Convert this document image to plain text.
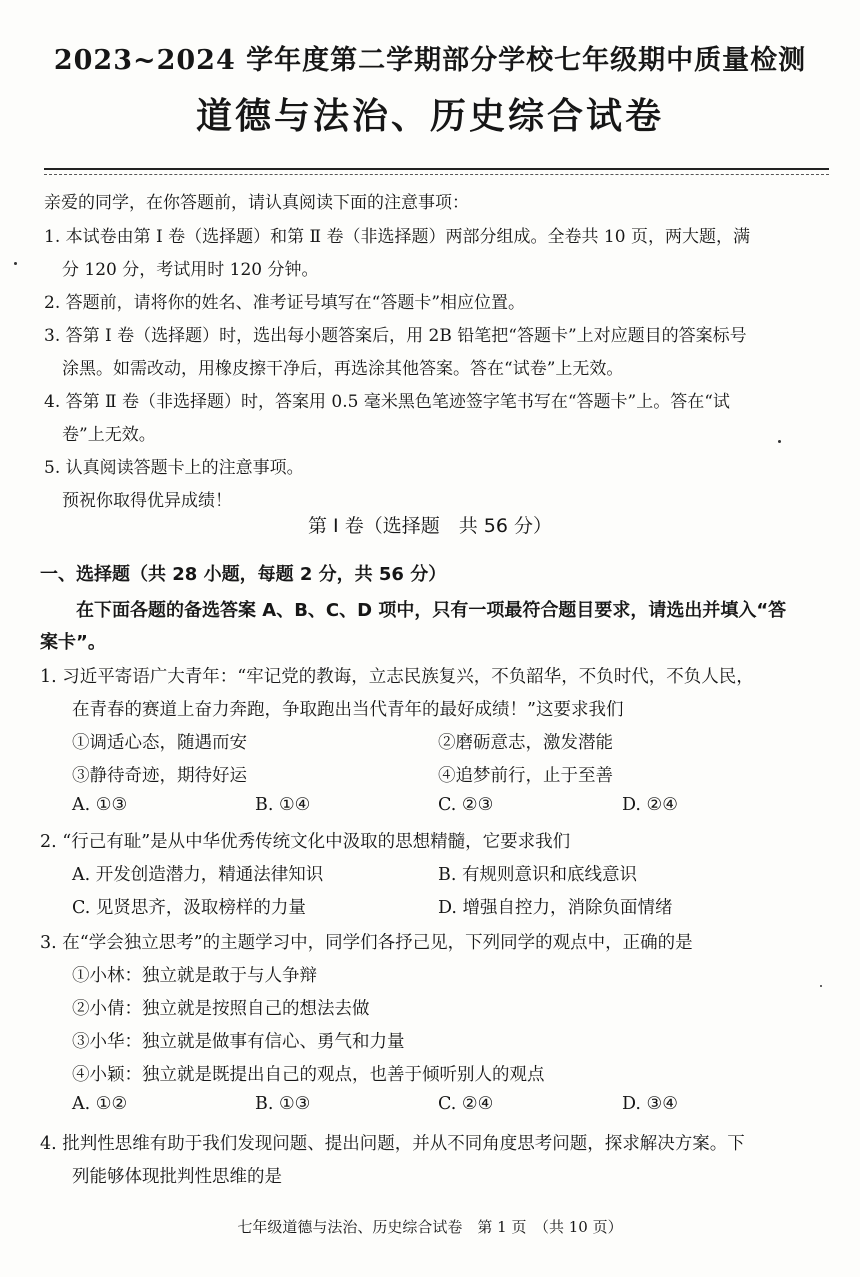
2023~2024 学年度第二学期部分学校七年级期中质量检测
道德与法治、历史综合试卷
亲爱的同学，在你答题前，请认真阅读下面的注意事项：
1. 本试卷由第 Ⅰ 卷（选择题）和第 Ⅱ 卷（非选择题）两部分组成。全卷共 10 页，两大题，满
分 120 分，考试用时 120 分钟。
2. 答题前，请将你的姓名、准考证号填写在“答题卡”相应位置。
3. 答第 Ⅰ 卷（选择题）时，选出每小题答案后，用 2B 铅笔把“答题卡”上对应题目的答案标号
涂黑。如需改动，用橡皮擦干净后，再选涂其他答案。答在“试卷”上无效。
4. 答第 Ⅱ 卷（非选择题）时，答案用 0.5 毫米黑色笔迹签字笔书写在“答题卡”上。答在“试
卷”上无效。
5. 认真阅读答题卡上的注意事项。
预祝你取得优异成绩！
第 Ⅰ 卷（选择题　共 56 分）
一、选择题（共 28 小题，每题 2 分，共 56 分）
在下面各题的备选答案 A、B、C、D 项中，只有一项最符合题目要求，请选出并填入“答
案卡”。
1. 习近平寄语广大青年：“牢记党的教诲，立志民族复兴，不负韶华，不负时代，不负人民，
在青春的赛道上奋力奔跑，争取跑出当代青年的最好成绩！”这要求我们
①调适心态，随遇而安	②磨砺意志，激发潜能
③静待奇迹，期待好运	④追梦前行，止于至善
A. ①③	B. ①④	C. ②③	D. ②④
2. “行己有耻”是从中华优秀传统文化中汲取的思想精髓，它要求我们
A. 开发创造潜力，精通法律知识	B. 有规则意识和底线意识
C. 见贤思齐，汲取榜样的力量	D. 增强自控力，消除负面情绪
3. 在“学会独立思考”的主题学习中，同学们各抒己见，下列同学的观点中，正确的是
①小林：独立就是敢于与人争辩
②小倩：独立就是按照自己的想法去做
③小华：独立就是做事有信心、勇气和力量
④小颖：独立就是既提出自己的观点，也善于倾听别人的观点
A. ①②	B. ①③	C. ②④	D. ③④
4. 批判性思维有助于我们发现问题、提出问题，并从不同角度思考问题，探求解决方案。下
列能够体现批判性思维的是
七年级道德与法治、历史综合试卷　第 1 页　（共 10 页）
